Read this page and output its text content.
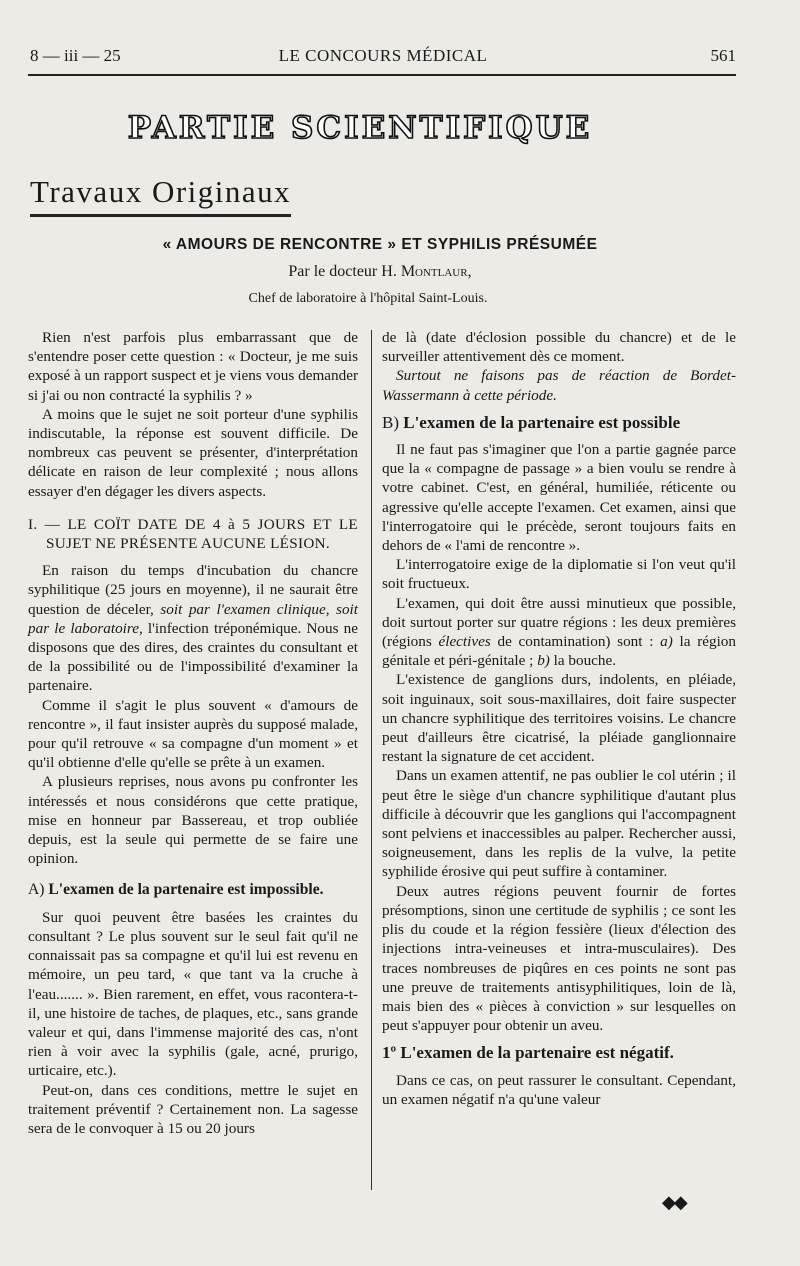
8 — iii — 25	LE CONCOURS MÉDICAL	561
PARTIE SCIENTIFIQUE
Travaux Originaux
« AMOURS DE RENCONTRE » ET SYPHILIS PRÉSUMÉE
Par le docteur H. Montlaur,
Chef de laboratoire à l'hôpital Saint-Louis.

Rien n'est parfois plus embarrassant que de s'entendre poser cette question : « Docteur, je me suis exposé à un rapport suspect et je viens vous demander si j'ai ou non contracté la syphilis ? »

A moins que le sujet ne soit porteur d'une syphilis indiscutable, la réponse est souvent difficile. De nombreux cas peuvent se présenter, d'interprétation délicate en raison de leur complexité ; nous allons essayer d'en dégager les divers aspects.

I. — LE COÏT DATE DE 4 à 5 JOURS ET LE SUJET NE PRÉSENTE AUCUNE LÉSION.

En raison du temps d'incubation du chancre syphilitique (25 jours en moyenne), il ne saurait être question de déceler, soit par l'examen clinique, soit par le laboratoire, l'infection tréponémique. Nous ne disposons que des dires, des craintes du consultant et de la possibilité ou de l'impossibilité d'examiner la partenaire.

Comme il s'agit le plus souvent « d'amours de rencontre », il faut insister auprès du supposé malade, pour qu'il retrouve « sa compagne d'un moment » et qu'il obtienne d'elle qu'elle se prête à un examen.

A plusieurs reprises, nous avons pu confronter les intéressés et nous considérons que cette pratique, mise en honneur par Bassereau, et trop oubliée depuis, est la seule qui permette de se faire une opinion.

A) L'examen de la partenaire est impossible.

Sur quoi peuvent être basées les craintes du consultant ? Le plus souvent sur le seul fait qu'il ne connaissait pas sa compagne et qu'il lui est revenu en mémoire, un peu tard, « que tant va la cruche à l'eau....... ». Bien rarement, en effet, vous racontera-t-il, une histoire de taches, de plaques, etc., sans grande valeur et qui, dans l'immense majorité des cas, n'ont rien à voir avec la syphilis (gale, acné, prurigo, urticaire, etc.).

Peut-on, dans ces conditions, mettre le sujet en traitement préventif ? Certainement non. La sagesse sera de le convoquer à 15 ou 20 jours

de là (date d'éclosion possible du chancre) et de le surveiller attentivement dès ce moment.

Surtout ne faisons pas de réaction de Bordet-Wassermann à cette période.

B) L'examen de la partenaire est possible

Il ne faut pas s'imaginer que l'on a partie gagnée parce que la « compagne de passage » a bien voulu se rendre à votre cabinet. C'est, en général, humiliée, réticente ou agressive qu'elle accepte l'examen. Cet examen, ainsi que l'interrogatoire qui le précède, seront toujours faits en dehors de « l'ami de rencontre ».

L'interrogatoire exige de la diplomatie si l'on veut qu'il soit fructueux.

L'examen, qui doit être aussi minutieux que possible, doit surtout porter sur quatre régions : les deux premières (régions électives de contamination) sont : a) la région génitale et péri-génitale ; b) la bouche.

L'existence de ganglions durs, indolents, en pléiade, soit inguinaux, soit sous-maxillaires, doit faire suspecter un chancre syphilitique des territoires voisins. Le chancre peut d'ailleurs être cicatrisé, la pléiade ganglionnaire restant la signature de cet accident.

Dans un examen attentif, ne pas oublier le col utérin ; il peut être le siège d'un chancre syphilitique d'autant plus difficile à découvrir que les ganglions qui l'accompagnent sont pelviens et inaccessibles au palper. Rechercher aussi, soigneusement, dans les replis de la vulve, la petite syphilide érosive qui peut suffire à contaminer.

Deux autres régions peuvent fournir de fortes présomptions, sinon une certitude de syphilis ; ce sont les plis du coude et la région fessière (lieux d'élection des injections intra-veineuses et intra-musculaires). Des traces nombreuses de piqûres en ces points ne sont pas une preuve de traitements antisyphilitiques, loin de là, mais bien des « pièces à conviction » sur lesquelles on peut s'appuyer pour obtenir un aveu.

1º L'examen de la partenaire est négatif.

Dans ce cas, on peut rassurer le consultant. Cependant, un examen négatif n'a qu'une valeur

◆◆
